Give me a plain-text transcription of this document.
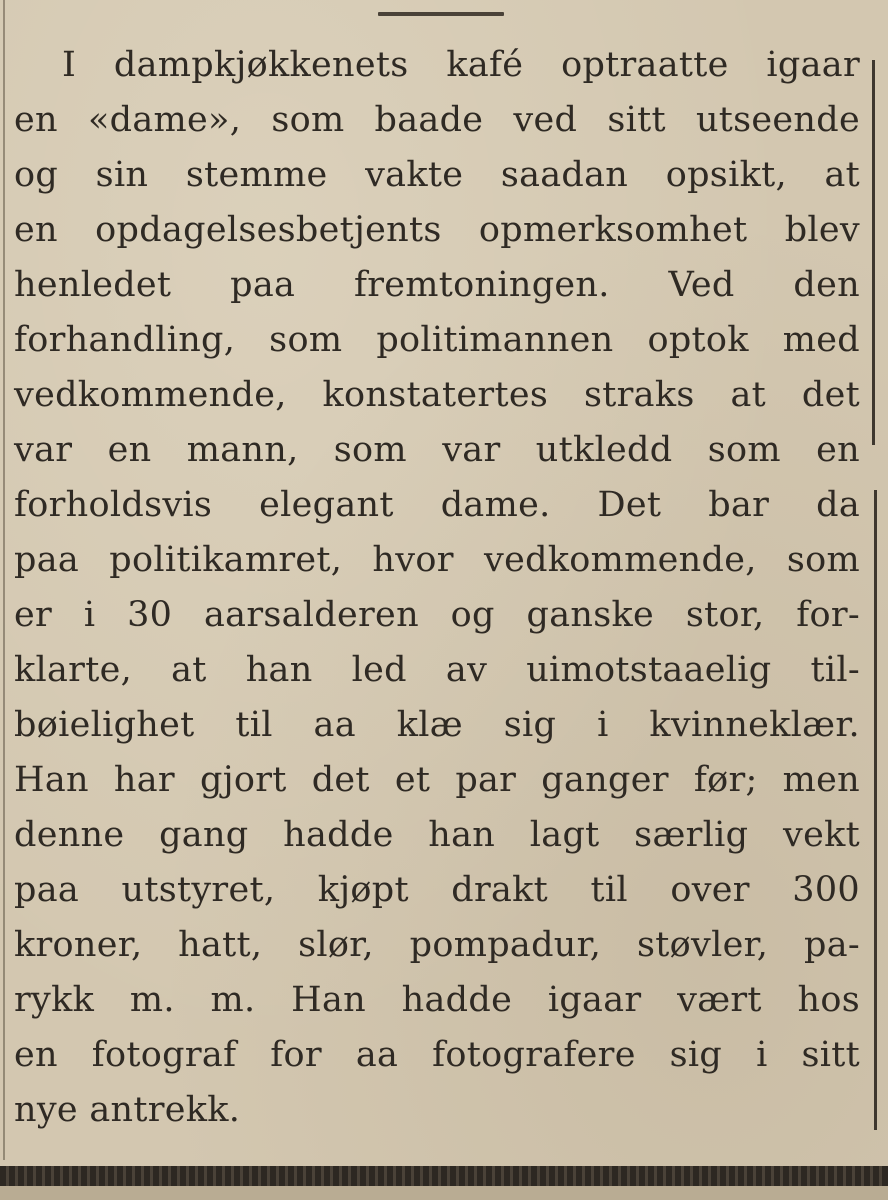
I dampkjøkkenets kafé optraatte igaar
en «dame», som baade ved sitt utseende
og sin stemme vakte saadan opsikt, at
en opdagelsesbetjents opmerksomhet blev
henledet paa fremtoningen. Ved den
forhandling, som politimannen optok med
vedkommende, konstatertes straks at det
var en mann, som var utkledd som en
forholdsvis elegant dame. Det bar da
paa politikamret, hvor vedkommende, som
er i 30 aarsalderen og ganske stor, for-
klarte, at han led av uimotstaaelig til-
bøielighet til aa klæ sig i kvinneklær.
Han har gjort det et par ganger før; men
denne gang hadde han lagt særlig vekt
paa utstyret, kjøpt drakt til over 300
kroner, hatt, slør, pompadur, støvler, pa-
rykk m. m. Han hadde igaar vært hos
en fotograf for aa fotografere sig i sitt
nye antrekk.
